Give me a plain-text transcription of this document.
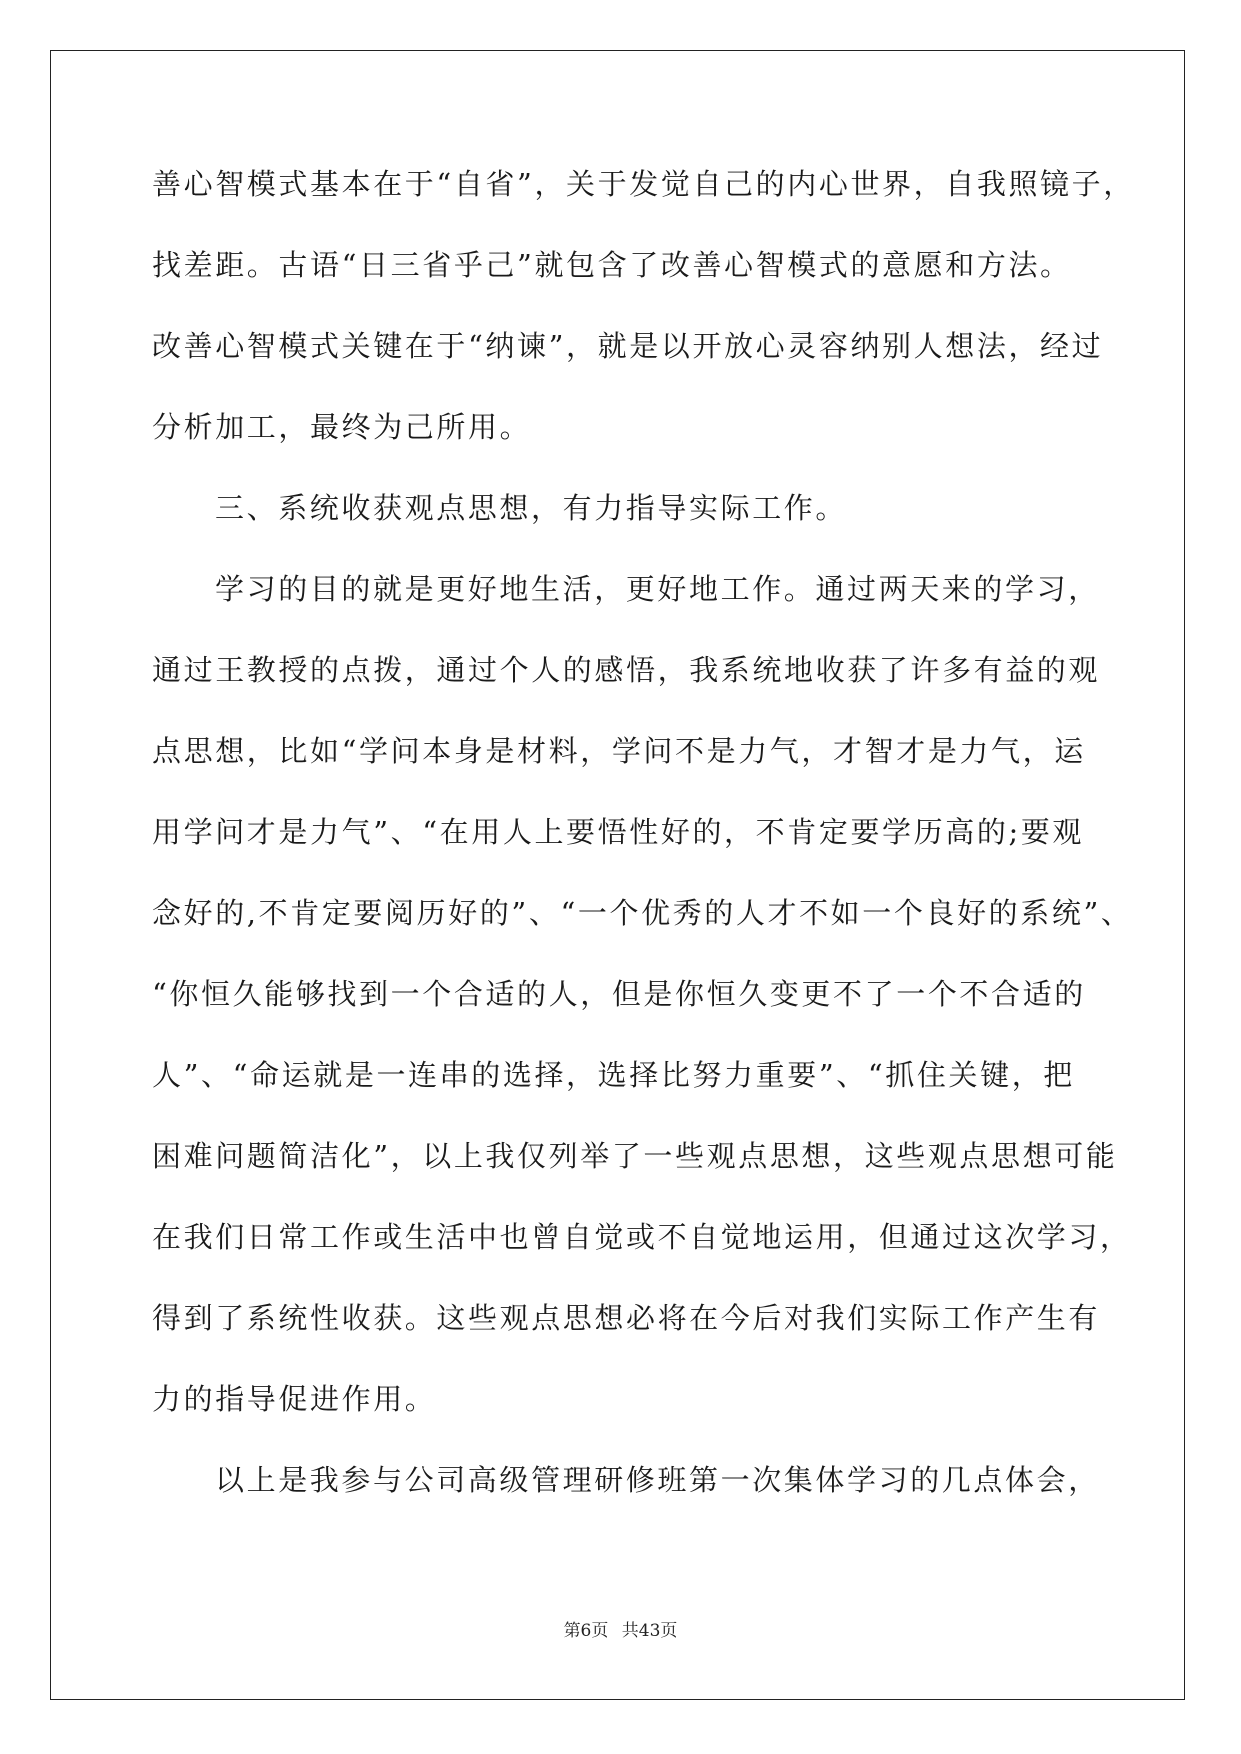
善心智模式基本在于“自省”，关于发觉自己的内心世界，自我照镜子，
找差距。古语“日三省乎己”就包含了改善心智模式的意愿和方法。
改善心智模式关键在于“纳谏”，就是以开放心灵容纳别人想法，经过
分析加工，最终为己所用。
三、系统收获观点思想，有力指导实际工作。
学习的目的就是更好地生活，更好地工作。通过两天来的学习，
通过王教授的点拨，通过个人的感悟，我系统地收获了许多有益的观
点思想，比如“学问本身是材料，学问不是力气，才智才是力气，运
用学问才是力气”、“在用人上要悟性好的，不肯定要学历高的;要观
念好的,不肯定要阅历好的”、“一个优秀的人才不如一个良好的系统”、
“你恒久能够找到一个合适的人，但是你恒久变更不了一个不合适的
人”、“命运就是一连串的选择，选择比努力重要”、“抓住关键，把
困难问题简洁化”，以上我仅列举了一些观点思想，这些观点思想可能
在我们日常工作或生活中也曾自觉或不自觉地运用，但通过这次学习，
得到了系统性收获。这些观点思想必将在今后对我们实际工作产生有
力的指导促进作用。
以上是我参与公司高级管理研修班第一次集体学习的几点体会，
第6页 共43页
